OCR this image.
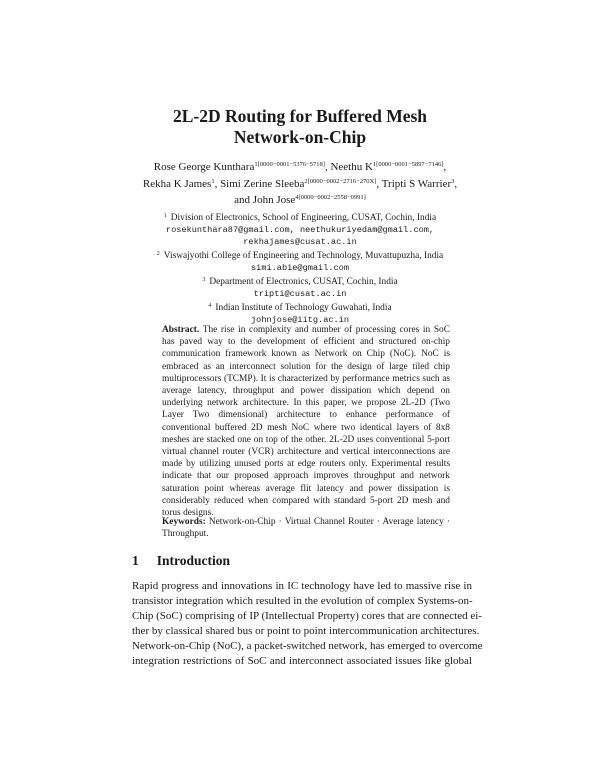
2L-2D Routing for Buffered Mesh
Network-on-Chip
Rose George Kunthara$^{1[0000-0001-5376-5718]}$, Neethu $K^{1[0000-0001-5897-7146]}$,
Rekha K James$^1$, Simi Zerine Sleeba$^{2[0000-0002-2716-270X]}$, Tripti S Warrier$^3$,
and John Jose$^{4[0000-0002-2558-0991]}$
$^1$ Division of Electronics, School of Engineering, CUSAT, Cochin, India
rosekunthara87@gmail.com, neethukuriyedam@gmail.com,
rekhajames@cusat.ac.in
$^2$ Viswajyothi College of Engineering and Technology, Muvattupuzha, India
simi.abie@gmail.com
$^3$ Department of Electronics, CUSAT, Cochin, India
tripti@cusat.ac.in
$^4$ Indian Institute of Technology Guwahati, India
johnjose@iitg.ac.in
Abstract. The rise in complexity and number of processing cores in SoC has paved way to the development of efficient and structured on-chip communication framework known as Network on Chip (NoC). NoC is embraced as an interconnect solution for the design of large tiled chip multiprocessors (TCMP). It is characterized by performance metrics such as average latency, throughput and power dissipation which depend on underlying network architecture. In this paper, we propose 2L-2D (Two Layer Two dimensional) architecture to enhance performance of conventional buffered 2D mesh NoC where two identical layers of 8x8 meshes are stacked one on top of the other. 2L-2D uses conventional 5-port virtual channel router (VCR) architecture and vertical interconnections are made by utilizing unused ports at edge routers only. Experimental results indicate that our proposed approach improves throughput and network saturation point whereas average flit latency and power dissipation is considerably reduced when compared with standard 5-port 2D mesh and torus designs.
Keywords: Network-on-Chip · Virtual Channel Router · Average latency · Throughput.
1 Introduction
Rapid progress and innovations in IC technology have led to massive rise in
transistor integration which resulted in the evolution of complex Systems-on-
Chip (SoC) comprising of IP (Intellectual Property) cores that are connected ei-
ther by classical shared bus or point to point intercommunication architectures.
Network-on-Chip (NoC), a packet-switched network, has emerged to overcome
integration restrictions of SoC and interconnect associated issues like global
